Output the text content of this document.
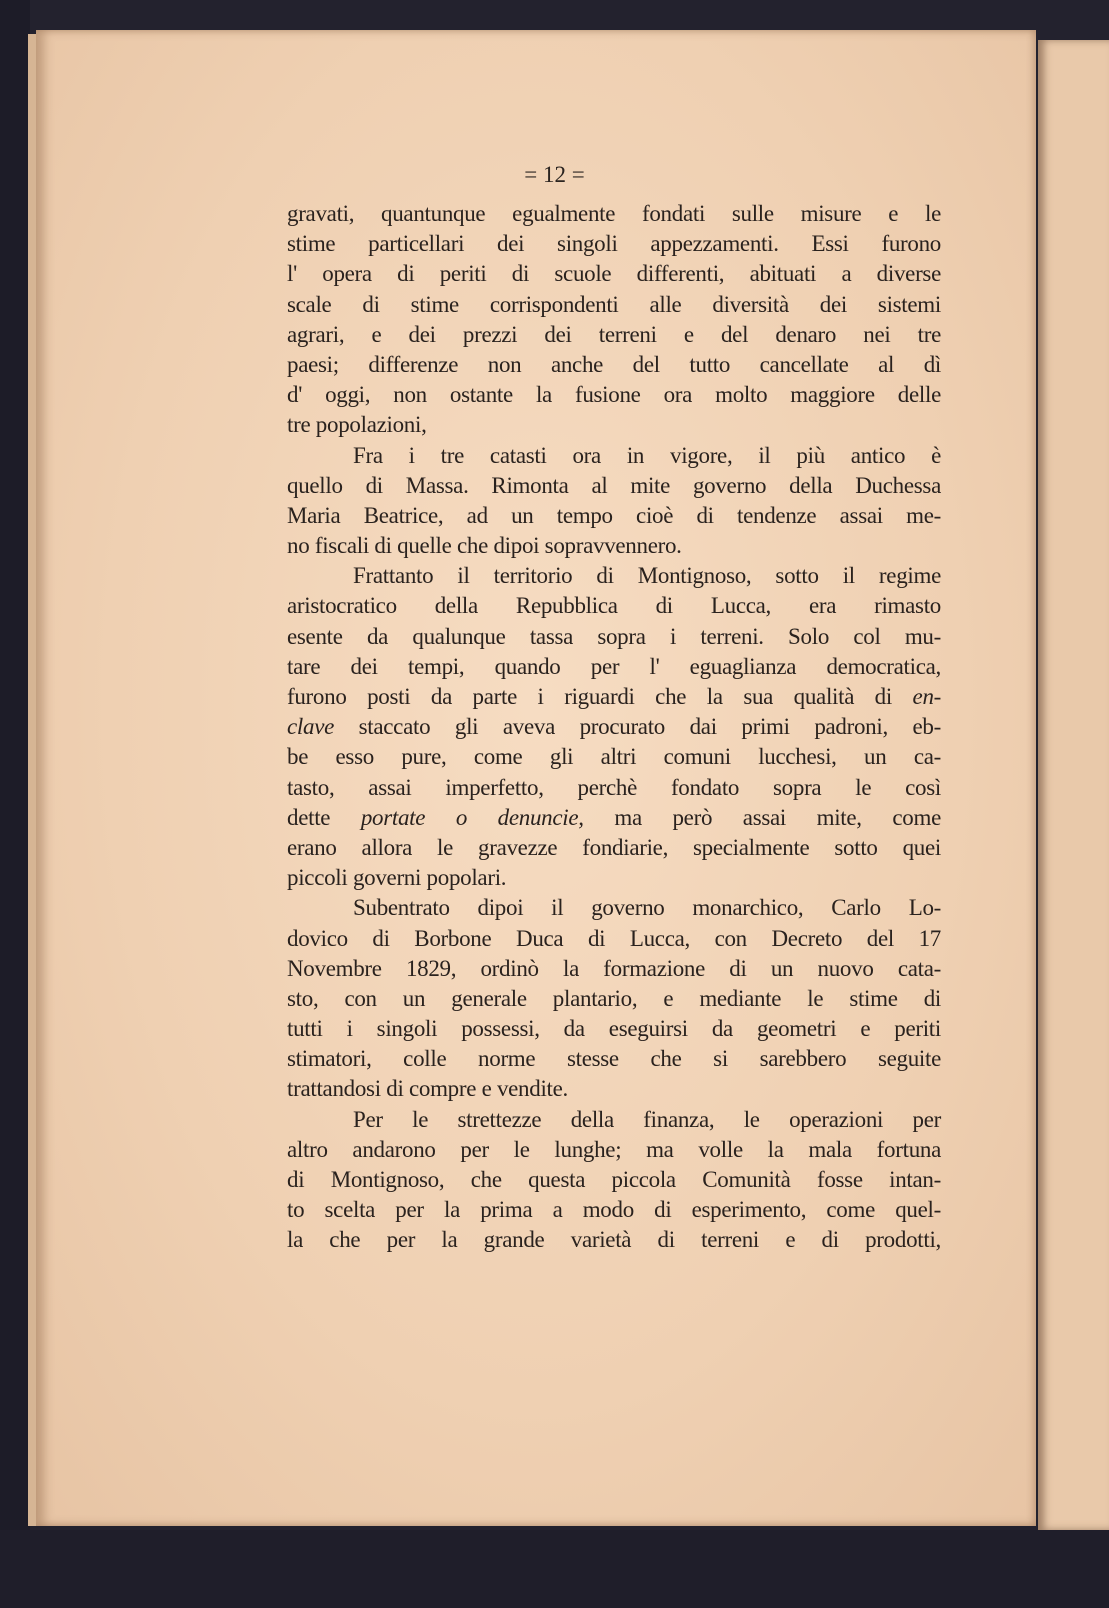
= 12 =
gravati, quantunque egualmente fondati sulle misure e le
stime particellari dei singoli appezzamenti. Essi furono
l' opera di periti di scuole differenti, abituati a diverse
scale di stime corrispondenti alle diversità dei sistemi
agrari, e dei prezzi dei terreni e del denaro nei tre
paesi; differenze non anche del tutto cancellate al dì
d' oggi, non ostante la fusione ora molto maggiore delle
tre popolazioni,
Fra i tre catasti ora in vigore, il più antico è
quello di Massa. Rimonta al mite governo della Duchessa
Maria Beatrice, ad un tempo cioè di tendenze assai me-
no fiscali di quelle che dipoi sopravvennero.
Frattanto il territorio di Montignoso, sotto il regime
aristocratico della Repubblica di Lucca, era rimasto
esente da qualunque tassa sopra i terreni. Solo col mu-
tare dei tempi, quando per l' eguaglianza democratica,
furono posti da parte i riguardi che la sua qualità di en-
clave staccato gli aveva procurato dai primi padroni, eb-
be esso pure, come gli altri comuni lucchesi, un ca-
tasto, assai imperfetto, perchè fondato sopra le così
dette portate o denuncie, ma però assai mite, come
erano allora le gravezze fondiarie, specialmente sotto quei
piccoli governi popolari.
Subentrato dipoi il governo monarchico, Carlo Lo-
dovico di Borbone Duca di Lucca, con Decreto del 17
Novembre 1829, ordinò la formazione di un nuovo cata-
sto, con un generale plantario, e mediante le stime di
tutti i singoli possessi, da eseguirsi da geometri e periti
stimatori, colle norme stesse che si sarebbero seguite
trattandosi di compre e vendite.
Per le strettezze della finanza, le operazioni per
altro andarono per le lunghe; ma volle la mala fortuna
di Montignoso, che questa piccola Comunità fosse intan-
to scelta per la prima a modo di esperimento, come quel-
la che per la grande varietà di terreni e di prodotti,
